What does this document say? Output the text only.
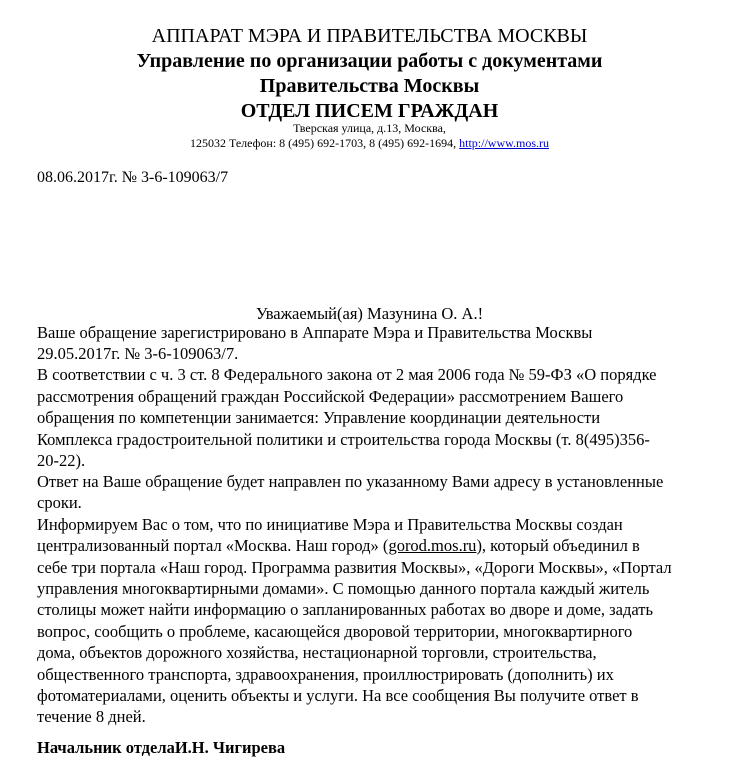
АППАРАТ МЭРА И ПРАВИТЕЛЬСТВА МОСКВЫ
Управление по организации работы с документами
Правительства Москвы
ОТДЕЛ ПИСЕМ ГРАЖДАН
Тверская улица, д.13, Москва,
125032 Телефон: 8 (495) 692-1703, 8 (495) 692-1694, http://www.mos.ru
08.06.2017г. № 3-6-109063/7
Уважаемый(ая) Мазунина О. А.!
Ваше обращение зарегистрировано в Аппарате Мэра и Правительства Москвы
29.05.2017г. № 3-6-109063/7.
В соответствии с ч. 3 ст. 8 Федерального закона от 2 мая 2006 года № 59-ФЗ «О порядке
рассмотрения обращений граждан Российской Федерации» рассмотрением Вашего
обращения по компетенции занимается: Управление координации деятельности
Комплекса градостроительной политики и строительства города Москвы (т. 8(495)356-
20-22).
Ответ на Ваше обращение будет направлен по указанному Вами адресу в установленные
сроки.
Информируем Вас о том, что по инициативе Мэра и Правительства Москвы создан
централизованный портал «Москва. Наш город» (gorod.mos.ru), который объединил в
себе три портала «Наш город. Программа развития Москвы», «Дороги Москвы», «Портал
управления многоквартирными домами». С помощью данного портала каждый житель
столицы может найти информацию о запланированных работах во дворе и доме, задать
вопрос, сообщить о проблеме, касающейся дворовой территории, многоквартирного
дома, объектов дорожного хозяйства, нестационарной торговли, строительства,
общественного транспорта, здравоохранения, проиллюстрировать (дополнить) их
фотоматериалами, оценить объекты и услуги. На все сообщения Вы получите ответ в
течение 8 дней.
Начальник отделаИ.Н. Чигирева
